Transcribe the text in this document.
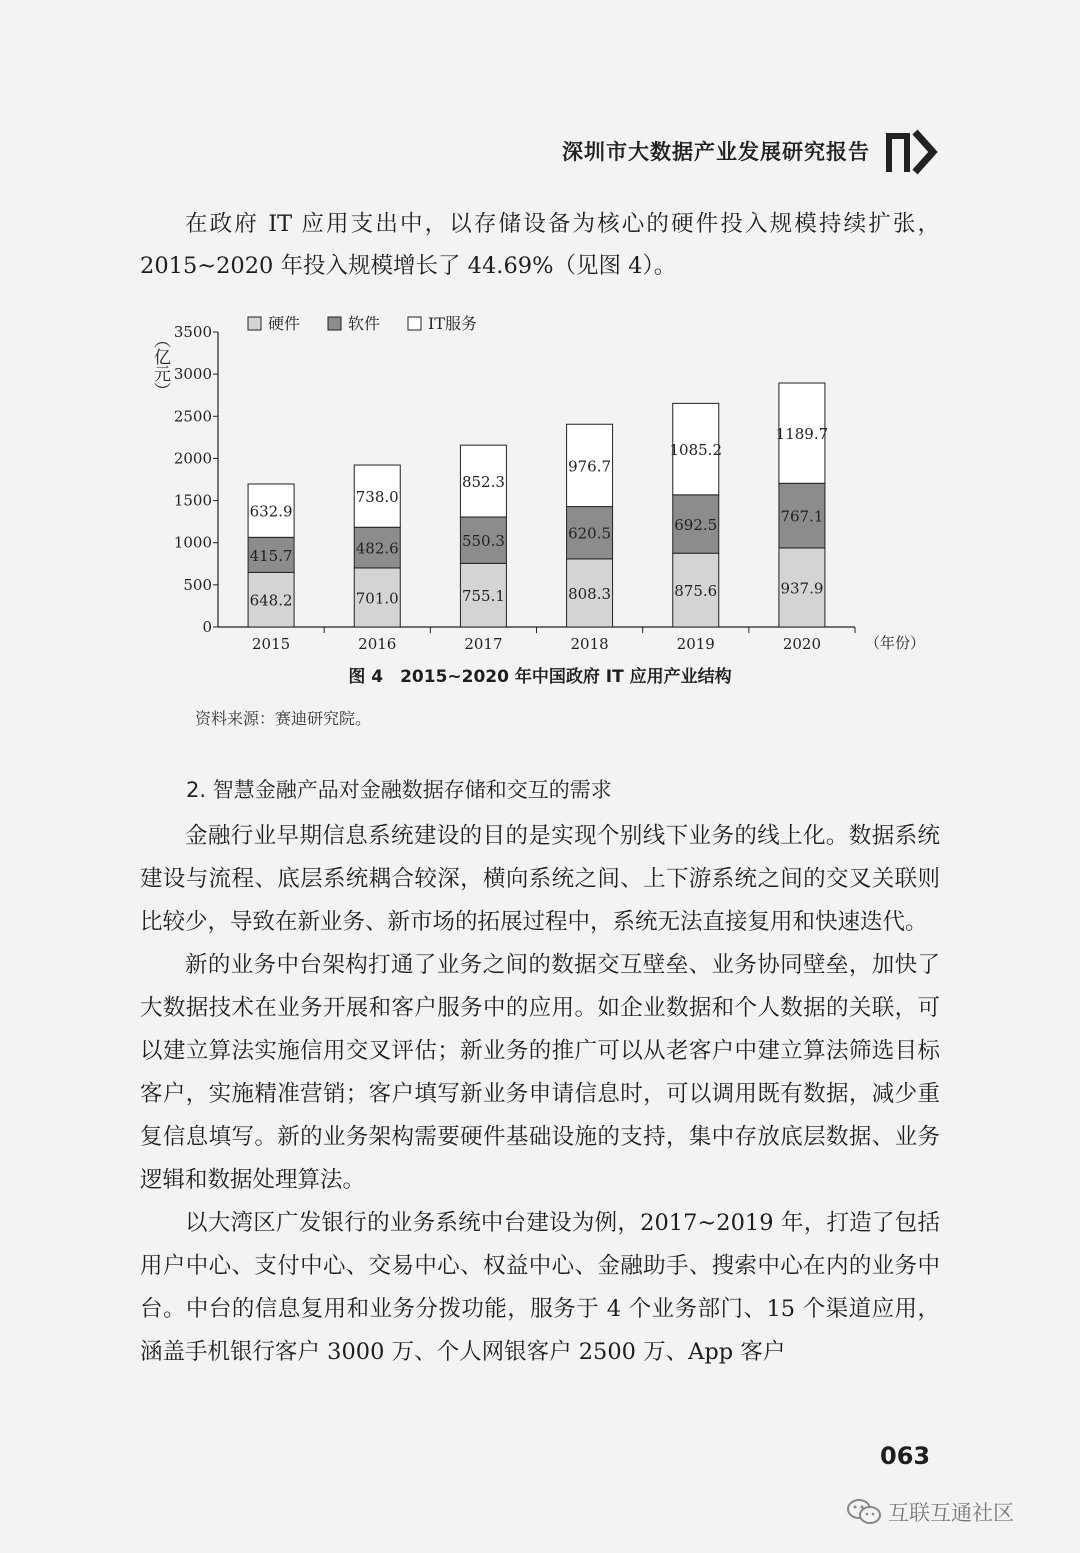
深圳市大数据产业发展研究报告

在政府 IT 应用支出中，以存储设备为核心的硬件投入规模持续扩张，2015~2020 年投入规模增长了 44.69%（见图 4）。

0
500
1000
1500
2000
2500
3000
3500
（亿元）
648.2
415.7
632.9
2015
701.0
482.6
738.0
2016
755.1
550.3
852.3
2017
808.3
620.5
976.7
2018
875.6
692.5
1085.2
2019
937.9
767.1
1189.7
2020	（年份）
硬件	软件	IT服务
图 4　2015~2020 年中国政府 IT 应用产业结构
资料来源：赛迪研究院。
2. 智慧金融产品对金融数据存储和交互的需求

金融行业早期信息系统建设的目的是实现个别线下业务的线上化。数据系统建设与流程、底层系统耦合较深，横向系统之间、上下游系统之间的交叉关联则比较少，导致在新业务、新市场的拓展过程中，系统无法直接复用和快速迭代。

新的业务中台架构打通了业务之间的数据交互壁垒、业务协同壁垒，加快了大数据技术在业务开展和客户服务中的应用。如企业数据和个人数据的关联，可以建立算法实施信用交叉评估；新业务的推广可以从老客户中建立算法筛选目标客户，实施精准营销；客户填写新业务申请信息时，可以调用既有数据，减少重复信息填写。新的业务架构需要硬件基础设施的支持，集中存放底层数据、业务逻辑和数据处理算法。

以大湾区广发银行的业务系统中台建设为例，2017~2019 年，打造了包括用户中心、支付中心、交易中心、权益中心、金融助手、搜索中心在内的业务中台。中台的信息复用和业务分拨功能，服务于 4 个业务部门、15 个渠道应用，涵盖手机银行客户 3000 万、个人网银客户 2500 万、App 客户

063
互联互通社区
